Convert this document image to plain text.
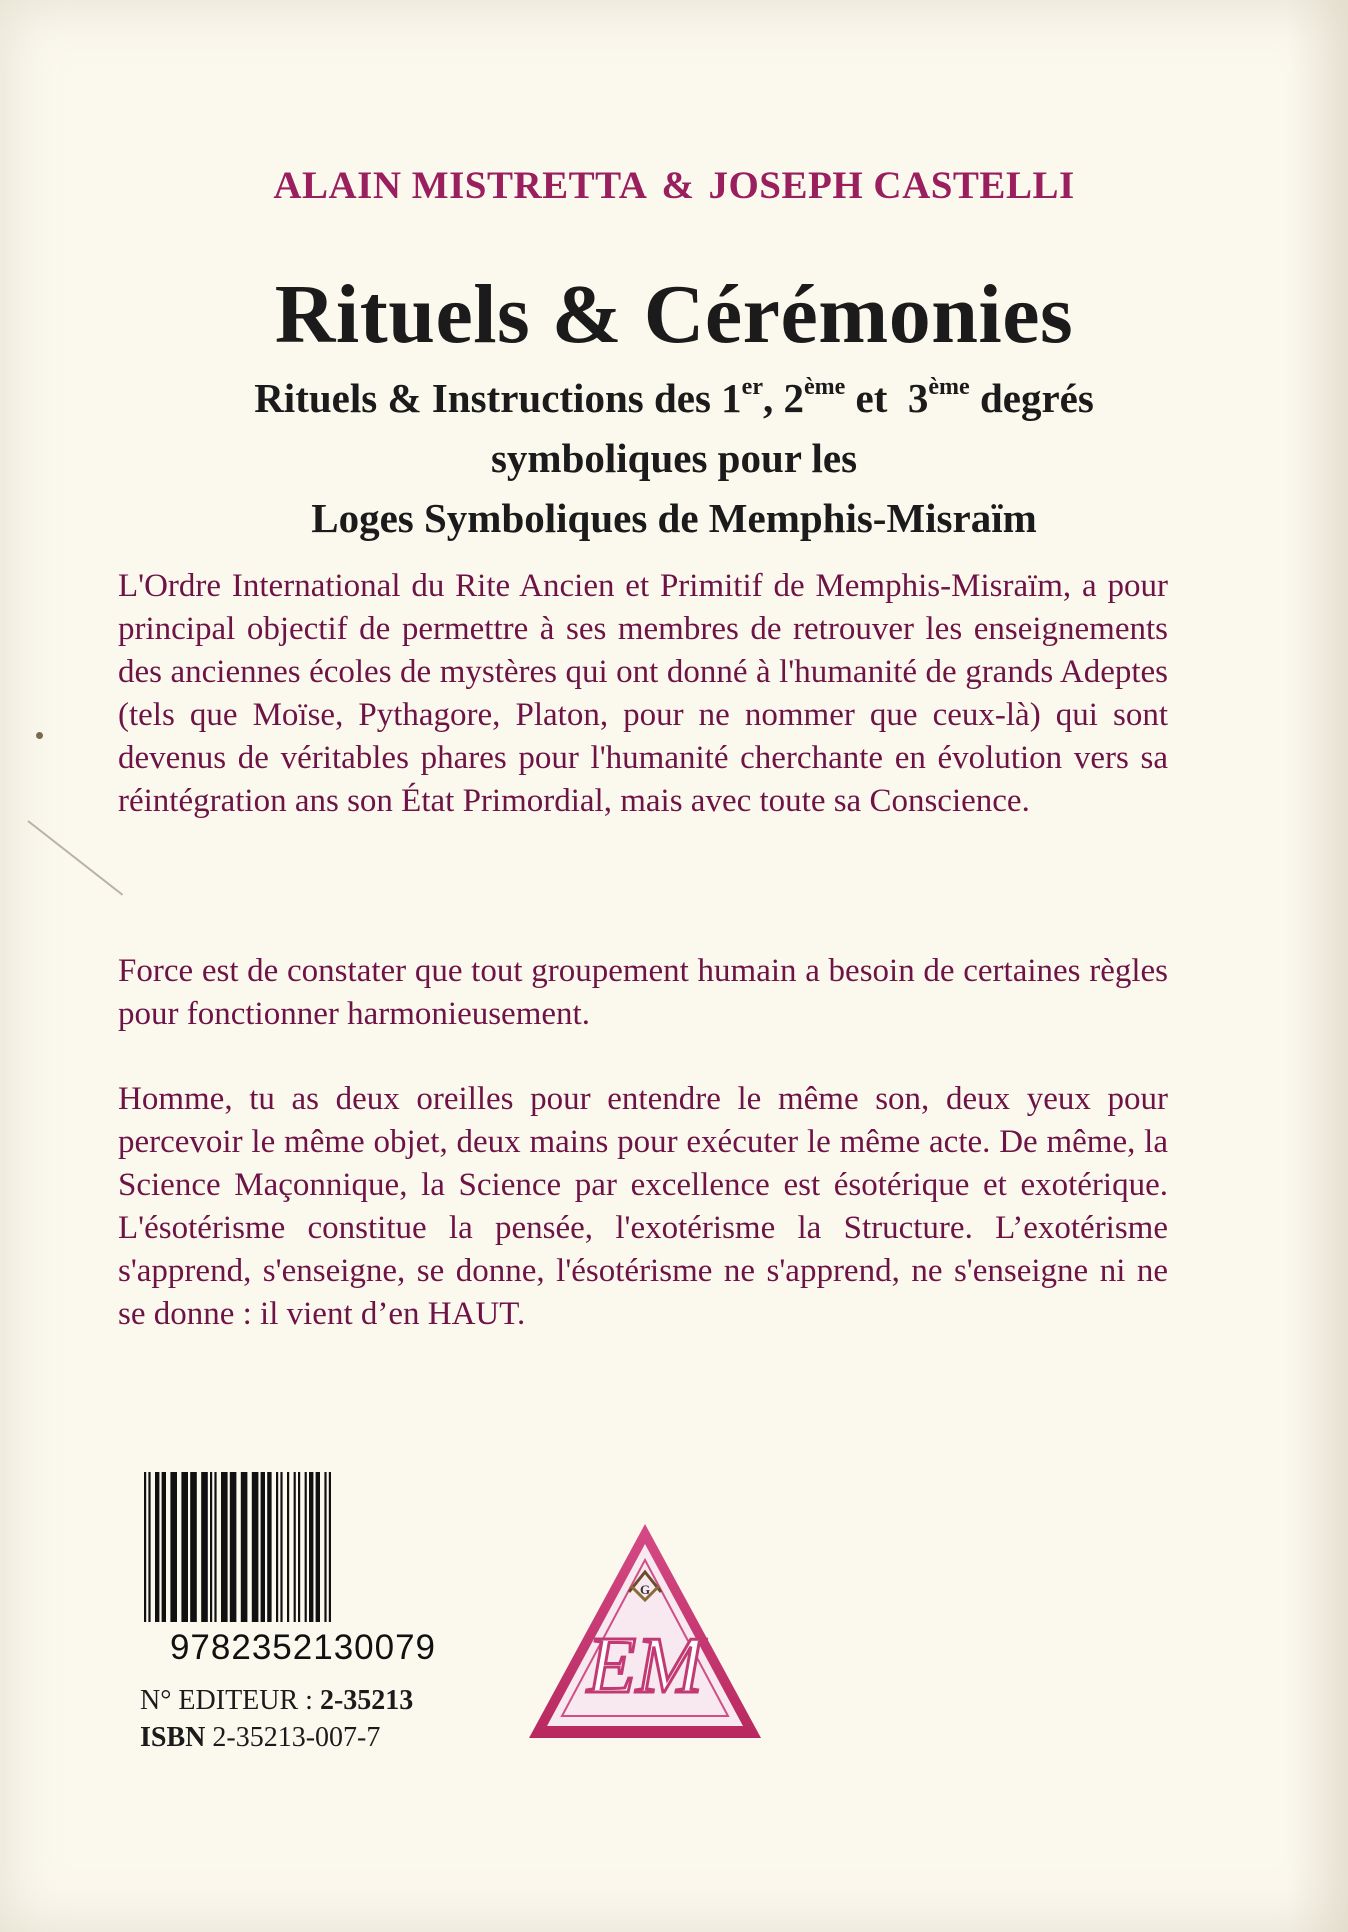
ALAIN MISTRETTA & JOSEPH CASTELLI
Rituels & Cérémonies
Rituels & Instructions des 1er, 2ème et  3ème degrés
symboliques pour les
Loges Symboliques de Memphis-Misraïm
L'Ordre International du Rite Ancien et Primitif de Memphis-Misraïm, a pour principal objectif de permettre à ses membres de retrouver les enseignements des anciennes écoles de mystères qui ont donné à l'humanité de grands Adeptes (tels que Moïse, Pythagore, Platon, pour ne nommer que ceux-là) qui sont devenus de véritables phares pour l'humanité cherchante en évolution vers sa réintégration ans son État Primordial, mais avec toute sa Conscience.
Force est de constater que tout groupement humain a besoin de certaines règles pour fonctionner harmonieusement.
Homme, tu as deux oreilles pour entendre le même son, deux yeux pour percevoir le même objet, deux mains pour exécuter le même acte. De même, la Science Maçonnique, la Science par excellence est ésotérique et exotérique. L'ésotérisme constitue la pensée, l'exotérisme la Structure. L’exotérisme s'apprend, s'enseigne, se donne, l'ésotérisme ne s'apprend, ne s'enseigne ni ne se donne : il vient d’en HAUT.
9782352130079
N° EDITEUR : 2-35213
ISBN 2-35213-007-7
G
EM
